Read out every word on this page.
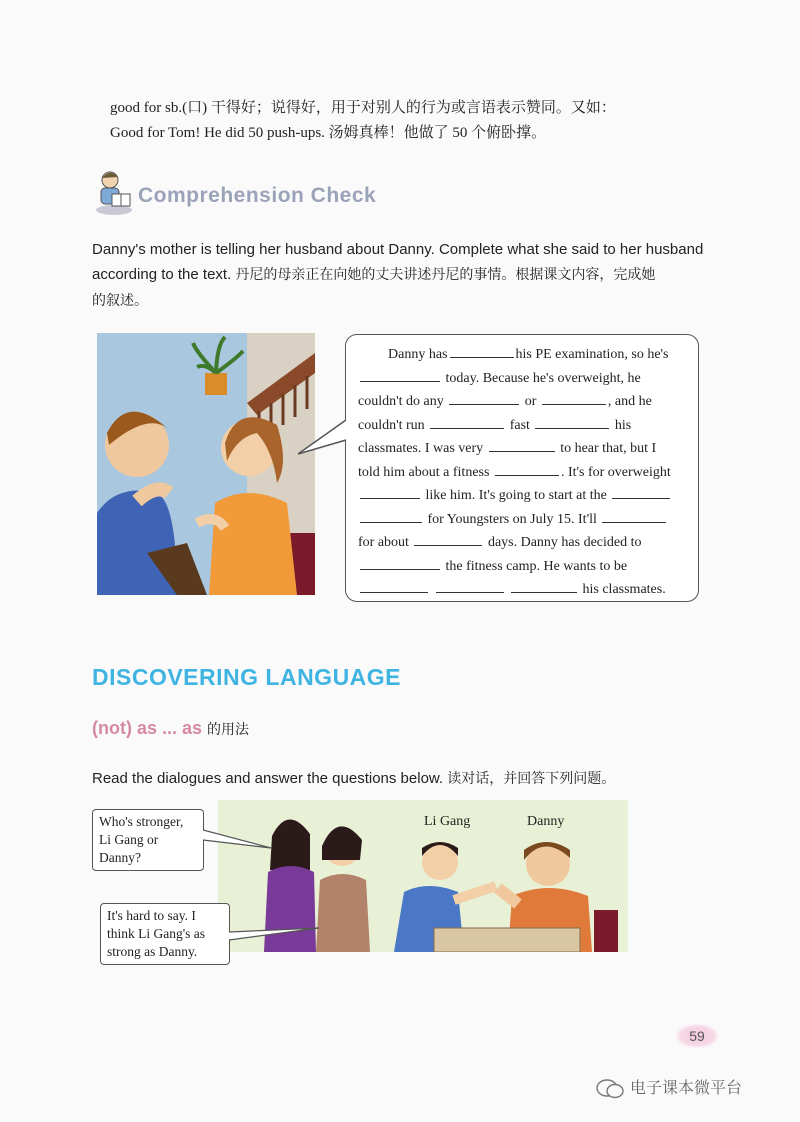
good for sb.(口) 干得好；说得好，用于对别人的行为或言语表示赞同。又如：
Good for Tom! He did 50 push-ups. 汤姆真棒！他做了 50 个俯卧撑。
Comprehension Check
Danny's mother is telling her husband about Danny. Complete what she said to her husband
according to the text. 丹尼的母亲正在向她的丈夫讲述丹尼的事情。根据课文内容，完成她
的叙述。

Danny has	his PE examination, so he's

today. Because he's overweight, he

couldn't do any	or	, and he

couldn't run	fast	his

classmates. I was very	to hear that, but I

told him about a fitness	. It's for overweight

like him. It's going to start at the

for Youngsters on July 15. It'll

for about	days. Danny has decided to

the fitness camp. He wants to be

his classmates.

DISCOVERING LANGUAGE
(not) as ... as 的用法
Read the dialogues and answer the questions below. 读对话，并回答下列问题。
Li Gang	Danny
Who's stronger, Li Gang or Danny?
It's hard to say. I think Li Gang's as strong as Danny.
59
电子课本微平台
